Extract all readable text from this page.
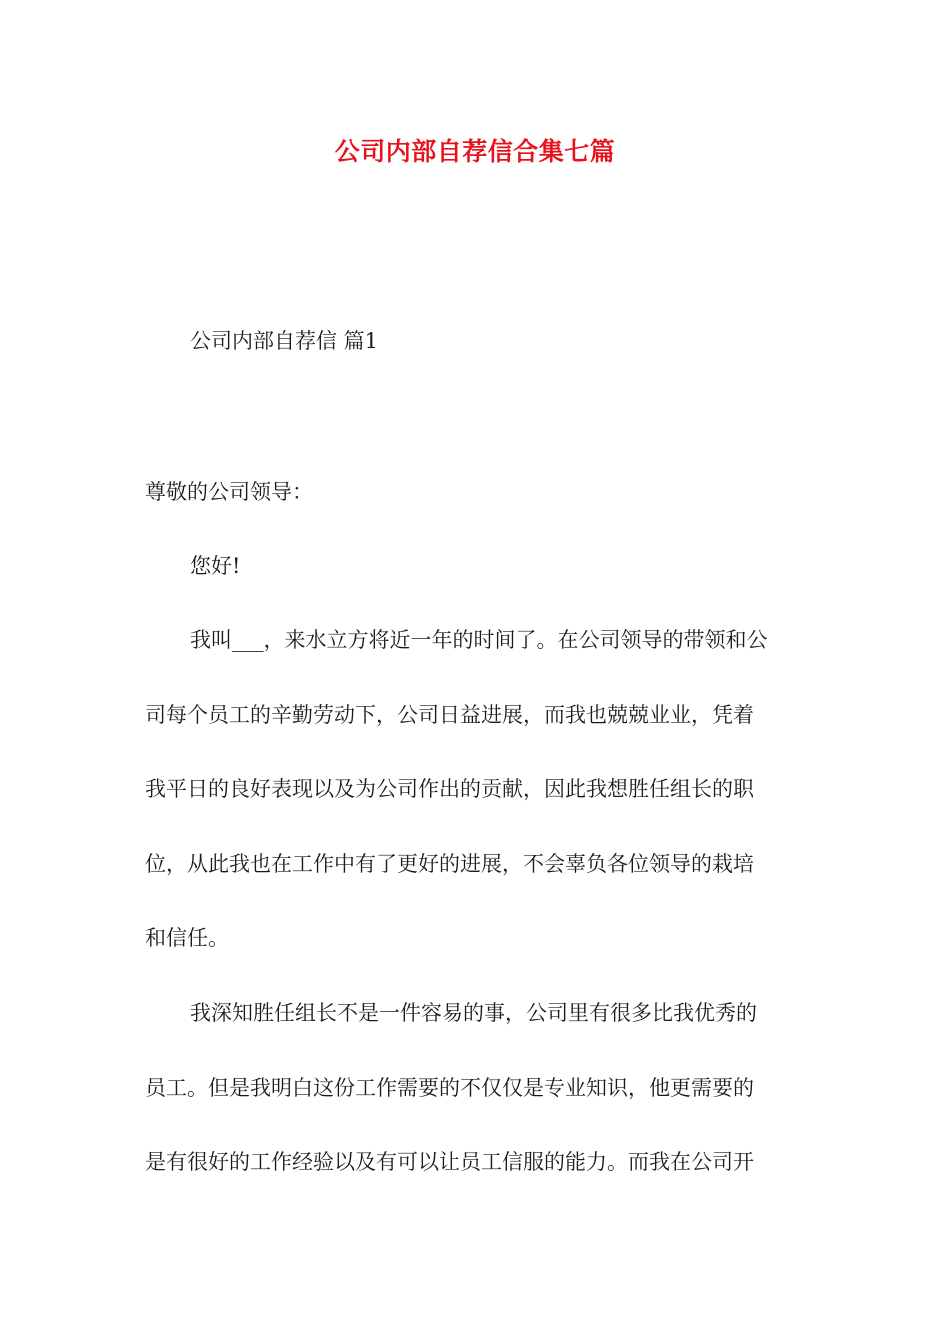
公司内部自荐信合集七篇
公司内部自荐信 篇1

尊敬的公司领导：

您好!

我叫___，来水立方将近一年的时间了。在公司领导的带领和公

司每个员工的辛勤劳动下，公司日益进展，而我也兢兢业业，凭着

我平日的良好表现以及为公司作出的贡献，因此我想胜任组长的职

位，从此我也在工作中有了更好的进展，不会辜负各位领导的栽培

和信任。

我深知胜任组长不是一件容易的事，公司里有很多比我优秀的

员工。但是我明白这份工作需要的不仅仅是专业知识，他更需要的

是有很好的工作经验以及有可以让员工信服的能力。而我在公司开
